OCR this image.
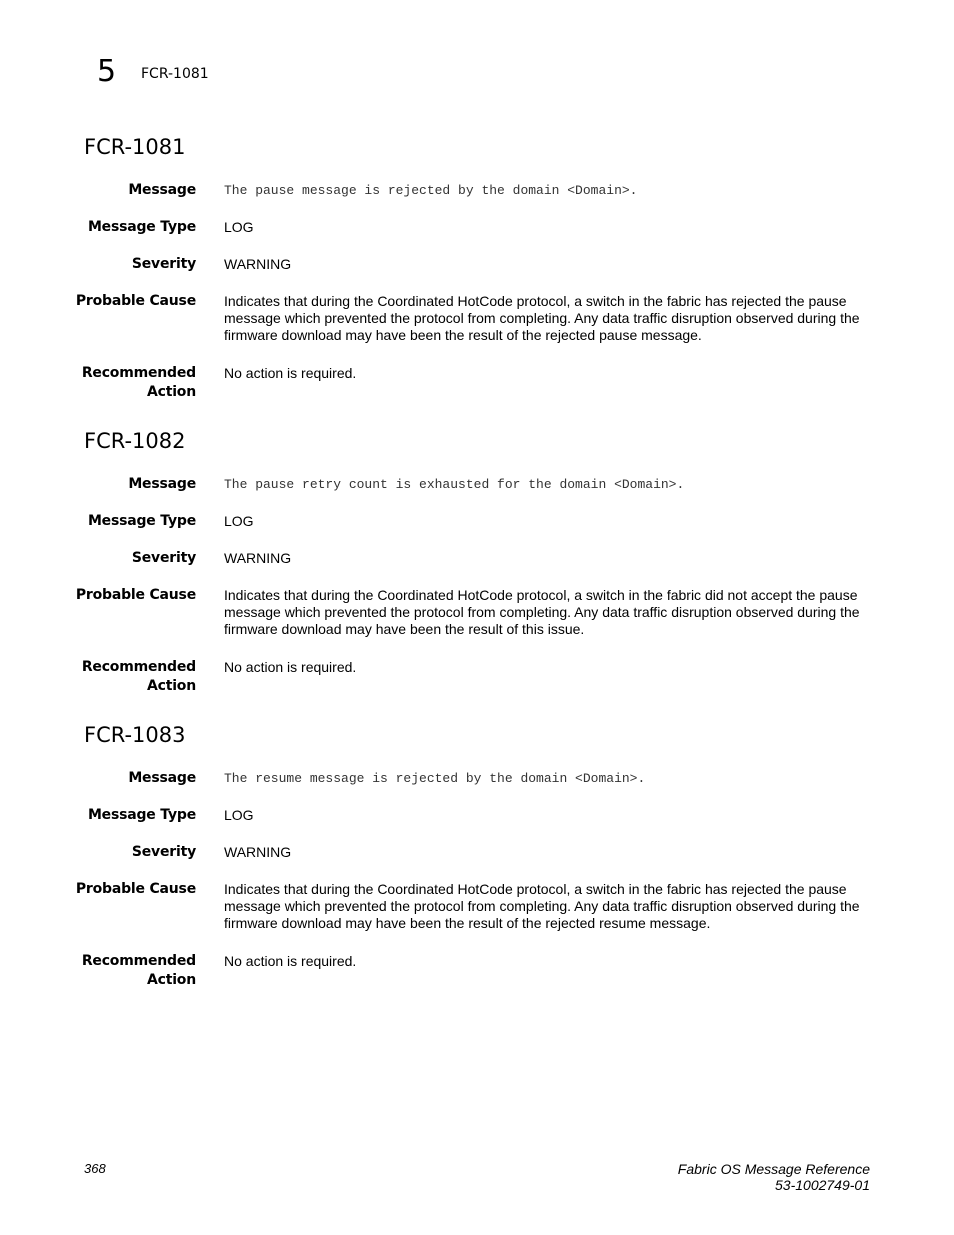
5 FCR-1081
FCR-1081
Message The pause message is rejected by the domain <Domain>.
Message Type LOG
Severity WARNING
Probable Cause Indicates that during the Coordinated HotCode protocol, a switch in the fabric has rejected the pause message which prevented the protocol from completing. Any data traffic disruption observed during the firmware download may have been the result of the rejected pause message.
Recommended
Action
No action is required.
FCR-1082
Message The pause retry count is exhausted for the domain <Domain>.
Message Type LOG
Severity WARNING
Probable Cause Indicates that during the Coordinated HotCode protocol, a switch in the fabric did not accept the pause message which prevented the protocol from completing. Any data traffic disruption observed during the firmware download may have been the result of this issue.
Recommended
Action
No action is required.
FCR-1083
Message The resume message is rejected by the domain <Domain>.
Message Type LOG
Severity WARNING
Probable Cause Indicates that during the Coordinated HotCode protocol, a switch in the fabric has rejected the pause message which prevented the protocol from completing. Any data traffic disruption observed during the firmware download may have been the result of the rejected resume message.
Recommended
Action
No action is required.
368	Fabric OS Message Reference
53-1002749-01
